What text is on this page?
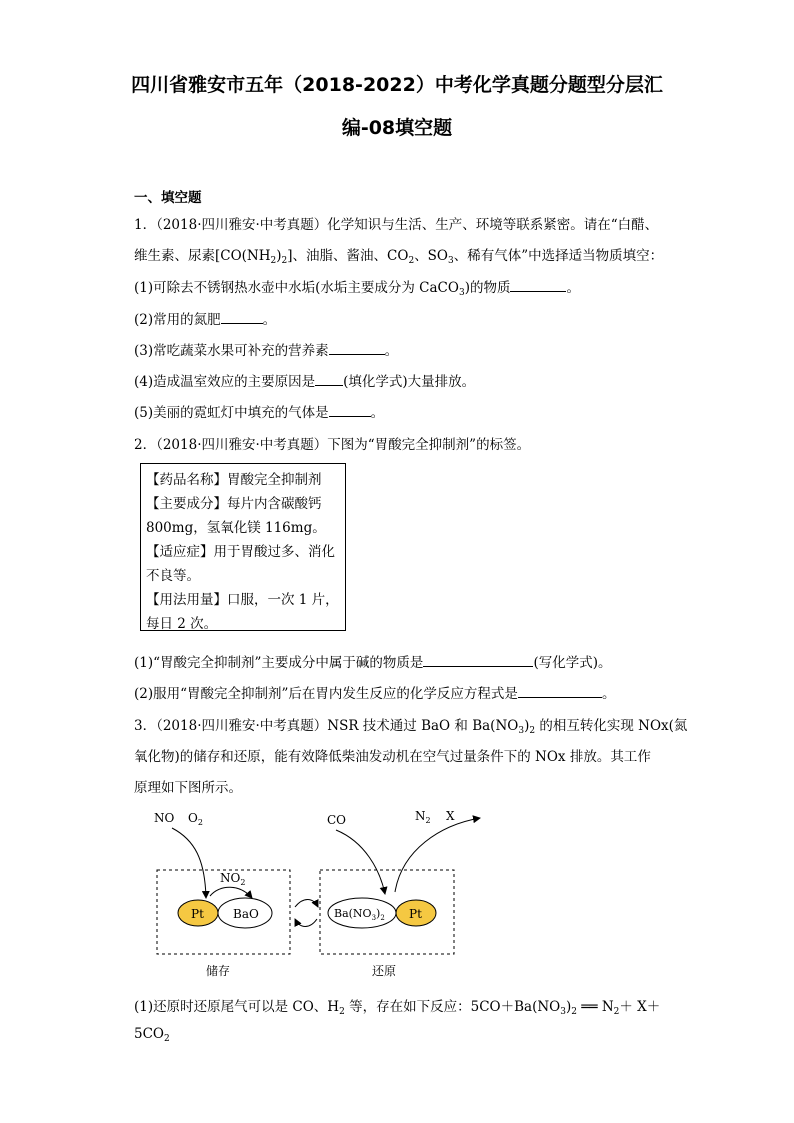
四川省雅安市五年（2018-2022）中考化学真题分题型分层汇
编-08填空题
一、填空题
1．（2018·四川雅安·中考真题）化学知识与生活、生产、环境等联系紧密。请在“白醋、
维生素、尿素$[CO(NH_2)_2]$、油脂、酱油、$CO_2$、$SO_3$、稀有气体”中选择适当物质填空：
(1)可除去不锈钢热水壶中水垢(水垢主要成分为 CaCO$_3$)的物质	。
(2)常用的氮肥	。
(3)常吃蔬菜水果可补充的营养素	。
(4)造成温室效应的主要原因是 (填化学式)大量排放。
(5)美丽的霓虹灯中填充的气体是	。
2．（2018·四川雅安·中考真题）下图为“胃酸完全抑制剂”的标签。
【药品名称】胃酸完全抑制剂
【主要成分】每片内含碳酸钙
800mg，氢氧化镁 116mg。
【适应症】用于胃酸过多、消化
不良等。
【用法用量】口服，一次 1 片，
每日 2 次。
(1)“胃酸完全抑制剂”主要成分中属于碱的物质是	(写化学式)。
(2)服用“胃酸完全抑制剂”后在胃内发生反应的化学反应方程式是	。
3．（2018·四川雅安·中考真题）NSR 技术通过 BaO 和 $Ba(NO_3)_2$ 的相互转化实现 NOx(氮
氧化物)的储存和还原，能有效降低柴油发动机在空气过量条件下的 NOx 排放。其工作
原理如下图所示。
NO $O_2$	CO	$N_2$ X
$NO_2$
BaO
Pt	$Ba(NO_3)_2$ Pt
储存	还原
(1)还原时还原尾气可以是 CO、$H_2$ 等，存在如下反应：$5CO+Ba(NO_3)_2$ ══ $N_2+ X+$
$5CO_2$
